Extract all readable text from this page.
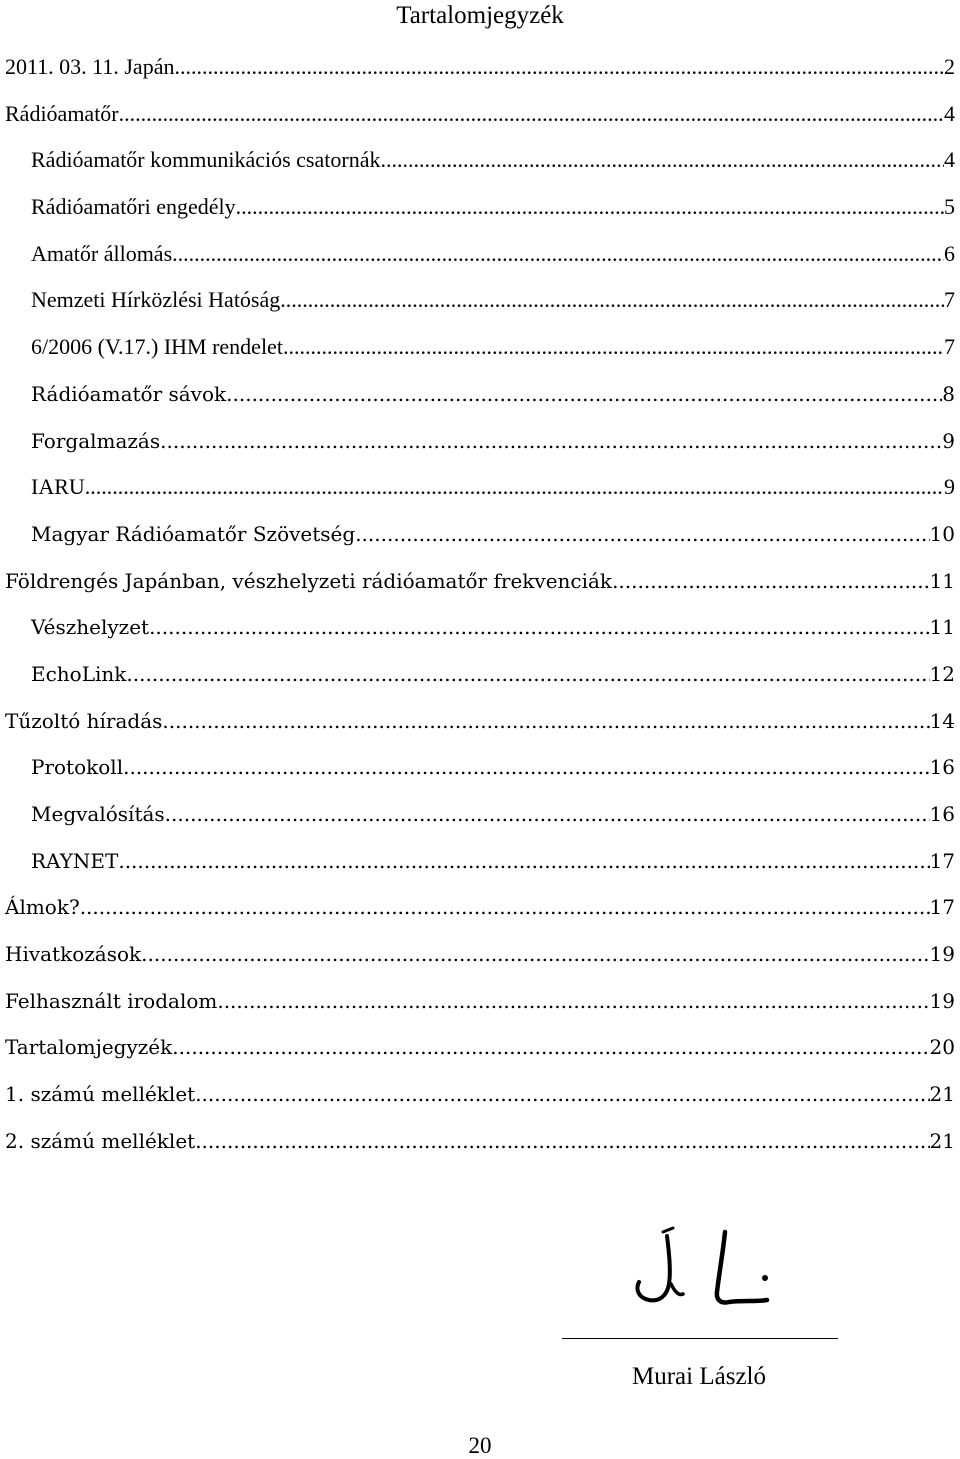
Tartalomjegyzék
2011. 03. 11. Japán .....	2
Rádióamatőr .....	4
Rádióamatőr kommunikációs csatornák .....	4
Rádióamatőri engedély .....	5
Amatőr állomás .....	6
Nemzeti Hírközlési Hatóság .....	7
6/2006 (V.17.) IHM rendelet .....	7
Rádióamatőr sávok .....	8
Forgalmazás .....	9
IARU .....	9
Magyar Rádióamatőr Szövetség .....	10
Földrengés Japánban, vészhelyzeti rádióamatőr frekvenciák .....	11
Vészhelyzet .....	11
EchoLink .....	12
Tűzoltó híradás .....	14
Protokoll .....	16
Megvalósítás .....	16
RAYNET .....	17
Álmok? .....	17
Hivatkozások .....	19
Felhasznált irodalom .....	19
Tartalomjegyzék .....	20
1. számú melléklet .....	21
2. számú melléklet .....	21
Murai László
20
